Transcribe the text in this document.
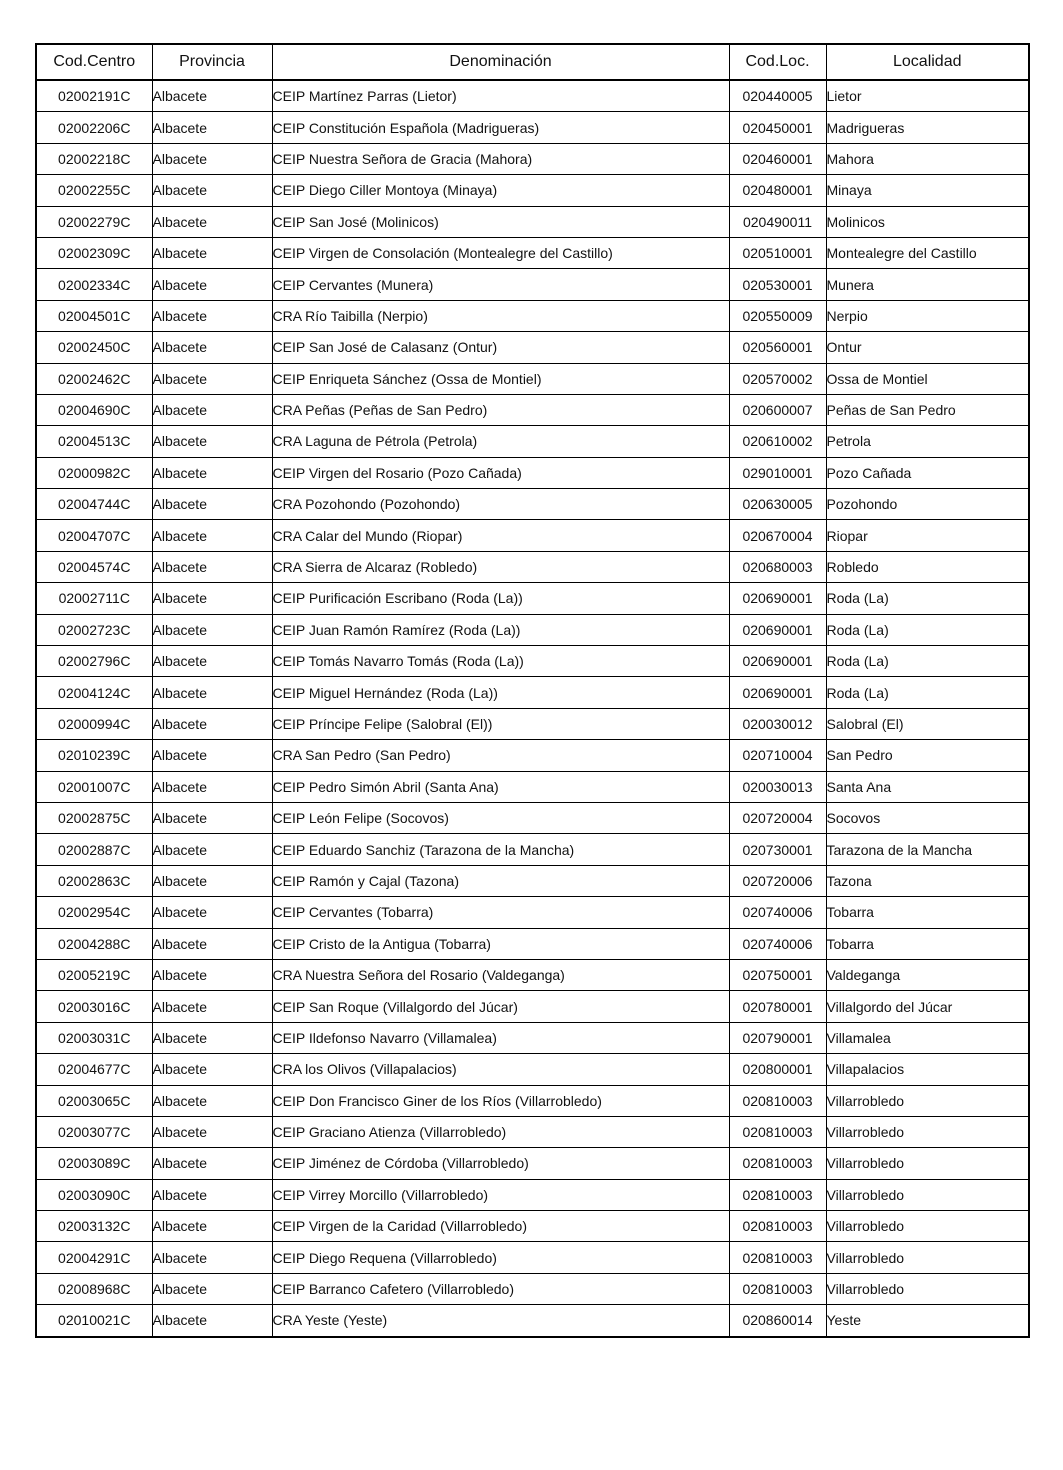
Cod.Centro	Provincia	Denominación	Cod.Loc.	Localidad
02002191C	Albacete	CEIP Martínez Parras (Lietor)	020440005	Lietor
02002206C	Albacete	CEIP Constitución Española (Madrigueras)	020450001	Madrigueras
02002218C	Albacete	CEIP Nuestra Señora de Gracia (Mahora)	020460001	Mahora
02002255C	Albacete	CEIP Diego Ciller Montoya (Minaya)	020480001	Minaya
02002279C	Albacete	CEIP San José (Molinicos)	020490011	Molinicos
02002309C	Albacete	CEIP Virgen de Consolación (Montealegre del Castillo)	020510001	Montealegre del Castillo
02002334C	Albacete	CEIP Cervantes (Munera)	020530001	Munera
02004501C	Albacete	CRA Río Taibilla (Nerpio)	020550009	Nerpio
02002450C	Albacete	CEIP San José de Calasanz (Ontur)	020560001	Ontur
02002462C	Albacete	CEIP Enriqueta Sánchez (Ossa de Montiel)	020570002	Ossa de Montiel
02004690C	Albacete	CRA Peñas (Peñas de San Pedro)	020600007	Peñas de San Pedro
02004513C	Albacete	CRA Laguna de Pétrola (Petrola)	020610002	Petrola
02000982C	Albacete	CEIP Virgen del Rosario (Pozo Cañada)	029010001	Pozo Cañada
02004744C	Albacete	CRA Pozohondo (Pozohondo)	020630005	Pozohondo
02004707C	Albacete	CRA Calar del Mundo (Riopar)	020670004	Riopar
02004574C	Albacete	CRA Sierra de Alcaraz (Robledo)	020680003	Robledo
02002711C	Albacete	CEIP Purificación Escribano (Roda (La))	020690001	Roda (La)
02002723C	Albacete	CEIP Juan Ramón Ramírez (Roda (La))	020690001	Roda (La)
02002796C	Albacete	CEIP Tomás Navarro Tomás (Roda (La))	020690001	Roda (La)
02004124C	Albacete	CEIP Miguel Hernández (Roda (La))	020690001	Roda (La)
02000994C	Albacete	CEIP Príncipe Felipe (Salobral (El))	020030012	Salobral (El)
02010239C	Albacete	CRA San Pedro (San Pedro)	020710004	San Pedro
02001007C	Albacete	CEIP Pedro Simón Abril (Santa Ana)	020030013	Santa Ana
02002875C	Albacete	CEIP León Felipe (Socovos)	020720004	Socovos
02002887C	Albacete	CEIP Eduardo Sanchiz (Tarazona de la Mancha)	020730001	Tarazona de la Mancha
02002863C	Albacete	CEIP Ramón y Cajal (Tazona)	020720006	Tazona
02002954C	Albacete	CEIP Cervantes (Tobarra)	020740006	Tobarra
02004288C	Albacete	CEIP Cristo de la Antigua (Tobarra)	020740006	Tobarra
02005219C	Albacete	CRA Nuestra Señora del Rosario (Valdeganga)	020750001	Valdeganga
02003016C	Albacete	CEIP San Roque (Villalgordo del Júcar)	020780001	Villalgordo del Júcar
02003031C	Albacete	CEIP Ildefonso Navarro (Villamalea)	020790001	Villamalea
02004677C	Albacete	CRA los Olivos (Villapalacios)	020800001	Villapalacios
02003065C	Albacete	CEIP Don Francisco Giner de los Ríos (Villarrobledo)	020810003	Villarrobledo
02003077C	Albacete	CEIP Graciano Atienza (Villarrobledo)	020810003	Villarrobledo
02003089C	Albacete	CEIP Jiménez de Córdoba (Villarrobledo)	020810003	Villarrobledo
02003090C	Albacete	CEIP Virrey Morcillo (Villarrobledo)	020810003	Villarrobledo
02003132C	Albacete	CEIP Virgen de la Caridad (Villarrobledo)	020810003	Villarrobledo
02004291C	Albacete	CEIP Diego Requena (Villarrobledo)	020810003	Villarrobledo
02008968C	Albacete	CEIP Barranco Cafetero (Villarrobledo)	020810003	Villarrobledo
02010021C	Albacete	CRA Yeste (Yeste)	020860014	Yeste
